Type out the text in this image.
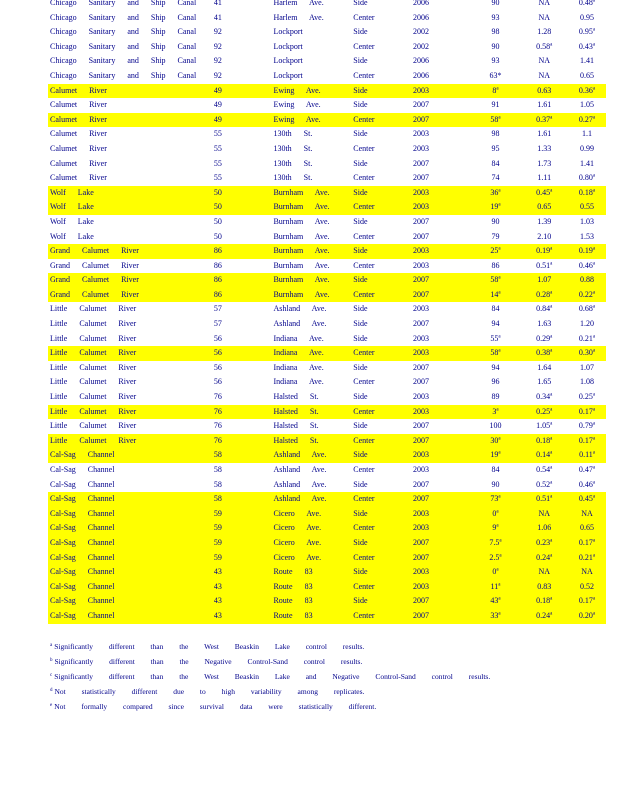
Chicago Sanitary and Ship Canal	41	Harlem Ave.	Side	2006	90	NA	0.48$^a$
Chicago Sanitary and Ship Canal	41	Harlem Ave.	Center	2006	93	NA	0.95
Chicago Sanitary and Ship Canal	92	Lockport	Side	2002	98	1.28	0.95$^a$
Chicago Sanitary and Ship Canal	92	Lockport	Center	2002	90	0.58$^a$	0.43$^a$
Chicago Sanitary and Ship Canal	92	Lockport	Side	2006	93	NA	1.41
Chicago Sanitary and Ship Canal	92	Lockport	Center	2006	63*	NA	0.65
Calumet River	49	Ewing Ave.	Side	2003	8$^a$	0.63	0.36$^a$
Calumet River	49	Ewing Ave.	Side	2007	91	1.61	1.05
Calumet River	49	Ewing Ave.	Center	2007	58$^a$	0.37$^a$	0.27$^a$
Calumet River	55	130th St.	Side	2003	98	1.61	1.1
Calumet River	55	130th St.	Center	2003	95	1.33	0.99
Calumet River	55	130th St.	Side	2007	84	1.73	1.41
Calumet River	55	130th St.	Center	2007	74	1.11	0.80$^a$
Wolf Lake	50	Burnham Ave.	Side	2003	36$^a$	0.45$^a$	0.18$^a$
Wolf Lake	50	Burnham Ave.	Center	2003	19$^a$	0.65	0.55
Wolf Lake	50	Burnham Ave.	Side	2007	90	1.39	1.03
Wolf Lake	50	Burnham Ave.	Center	2007	79	2.10	1.53
Grand Calumet River	86	Burnham Ave.	Side	2003	25$^a$	0.19$^a$	0.19$^a$
Grand Calumet River	86	Burnham Ave.	Center	2003	86	0.51$^a$	0.46$^a$
Grand Calumet River	86	Burnham Ave.	Side	2007	58$^a$	1.07	0.88
Grand Calumet River	86	Burnham Ave.	Center	2007	14$^a$	0.28$^a$	0.22$^a$
Little Calumet River	57	Ashland Ave.	Side	2003	84	0.84$^a$	0.68$^a$
Little Calumet River	57	Ashland Ave.	Side	2007	94	1.63	1.20
Little Calumet River	56	Indiana Ave.	Side	2003	55$^a$	0.29$^a$	0.21$^a$
Little Calumet River	56	Indiana Ave.	Center	2003	58$^a$	0.38$^a$	0.30$^a$
Little Calumet River	56	Indiana Ave.	Side	2007	94	1.64	1.07
Little Calumet River	56	Indiana Ave.	Center	2007	96	1.65	1.08
Little Calumet River	76	Halsted St.	Side	2003	89	0.34$^a$	0.25$^a$
Little Calumet River	76	Halsted St.	Center	2003	3$^a$	0.25$^a$	0.17$^a$
Little Calumet River	76	Halsted St.	Side	2007	100	1.05$^a$	0.79$^a$
Little Calumet River	76	Halsted St.	Center	2007	30$^a$	0.18$^a$	0.17$^a$
Cal-Sag Channel	58	Ashland Ave.	Side	2003	19$^a$	0.14$^a$	0.11$^a$
Cal-Sag Channel	58	Ashland Ave.	Center	2003	84	0.54$^a$	0.47$^a$
Cal-Sag Channel	58	Ashland Ave.	Side	2007	90	0.52$^a$	0.46$^a$
Cal-Sag Channel	58	Ashland Ave.	Center	2007	73$^a$	0.51$^a$	0.45$^a$
Cal-Sag Channel	59	Cicero Ave.	Side	2003	0$^a$	NA	NA
Cal-Sag Channel	59	Cicero Ave.	Center	2003	9$^a$	1.06	0.65
Cal-Sag Channel	59	Cicero Ave.	Side	2007	7.5$^a$	0.23$^a$	0.17$^a$
Cal-Sag Channel	59	Cicero Ave.	Center	2007	2.5$^a$	0.24$^a$	0.21$^a$
Cal-Sag Channel	43	Route 83	Side	2003	0$^a$	NA	NA
Cal-Sag Channel	43	Route 83	Center	2003	11$^a$	0.83	0.52
Cal-Sag Channel	43	Route 83	Side	2007	43$^a$	0.18$^a$	0.17$^a$
Cal-Sag Channel	43	Route 83	Center	2007	33$^a$	0.24$^a$	0.20$^a$
$^a$ Significantly different than the West Beaskin Lake control results.
$^b$ Significantly different than the Negative Control-Sand control results.
$^c$ Significantly different than the West Beaskin Lake and Negative Control-Sand control results.
$^d$ Not statistically different due to high variability among replicates.
$^e$ Not formally compared since survival data were statistically different.
